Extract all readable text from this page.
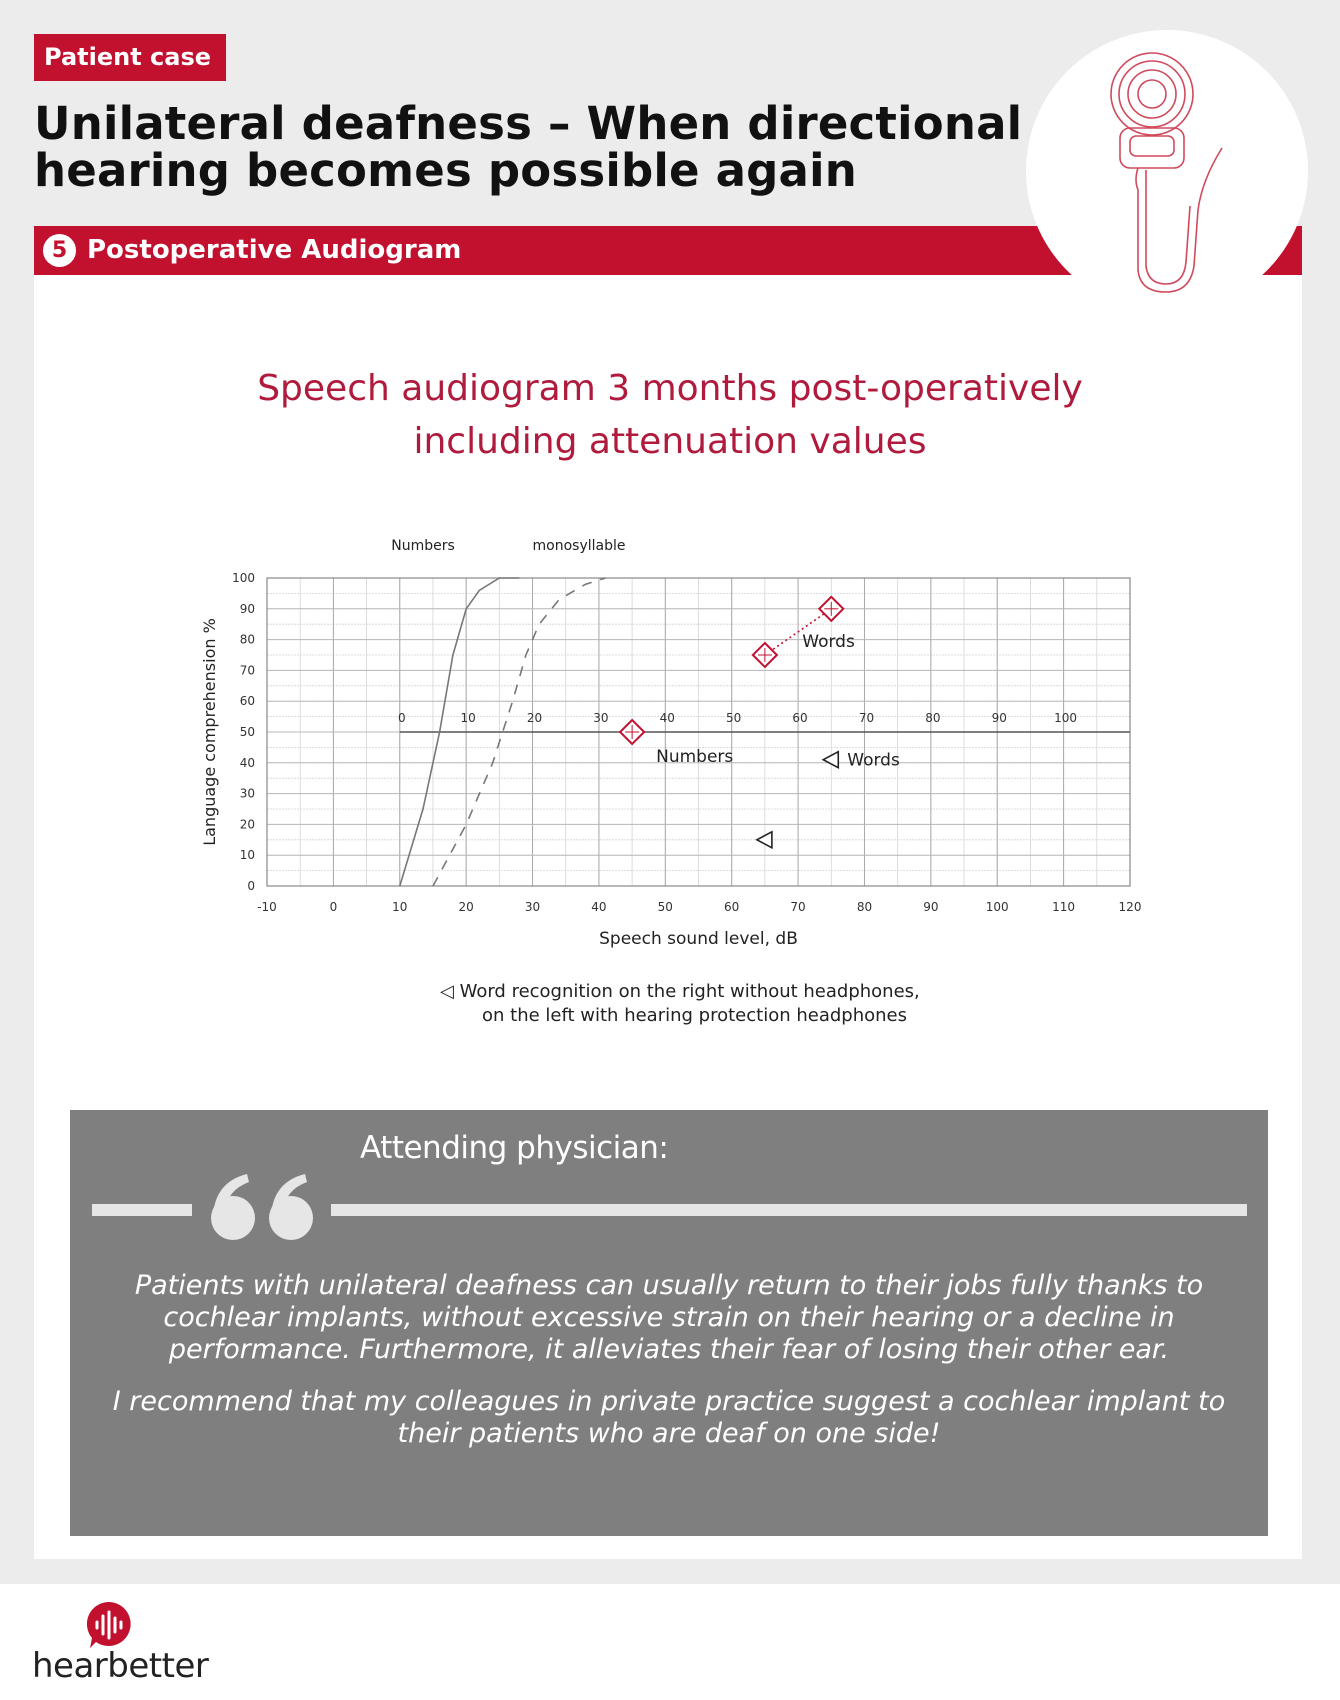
Patient case
Unilateral deafness – When directional
hearing becomes possible again
5 Postoperative Audiogram
Speech audiogram 3 months post-operatively
including attenuation values
-10	0	10	20	30	40	50	60	70	80	90	100	110	120
0
10
20
30
40
50
60
70
80
90
100
Speech sound level, dB
Language comprehension %
Numbers	monosyllable
0	10	20	30	40	50	60	70	80	90	100
Numbers
Words
Words
◁ Word recognition on the right without headphones,
on the left with hearing protection headphones
Attending physician:

Patients with unilateral deafness can usually return to their jobs fully thanks to cochlear implants, without excessive strain on their hearing or a decline in performance. Furthermore, it alleviates their fear of losing their other ear.

I recommend that my colleagues in private practice suggest a cochlear implant to their patients who are deaf on one side!

hearbetter
